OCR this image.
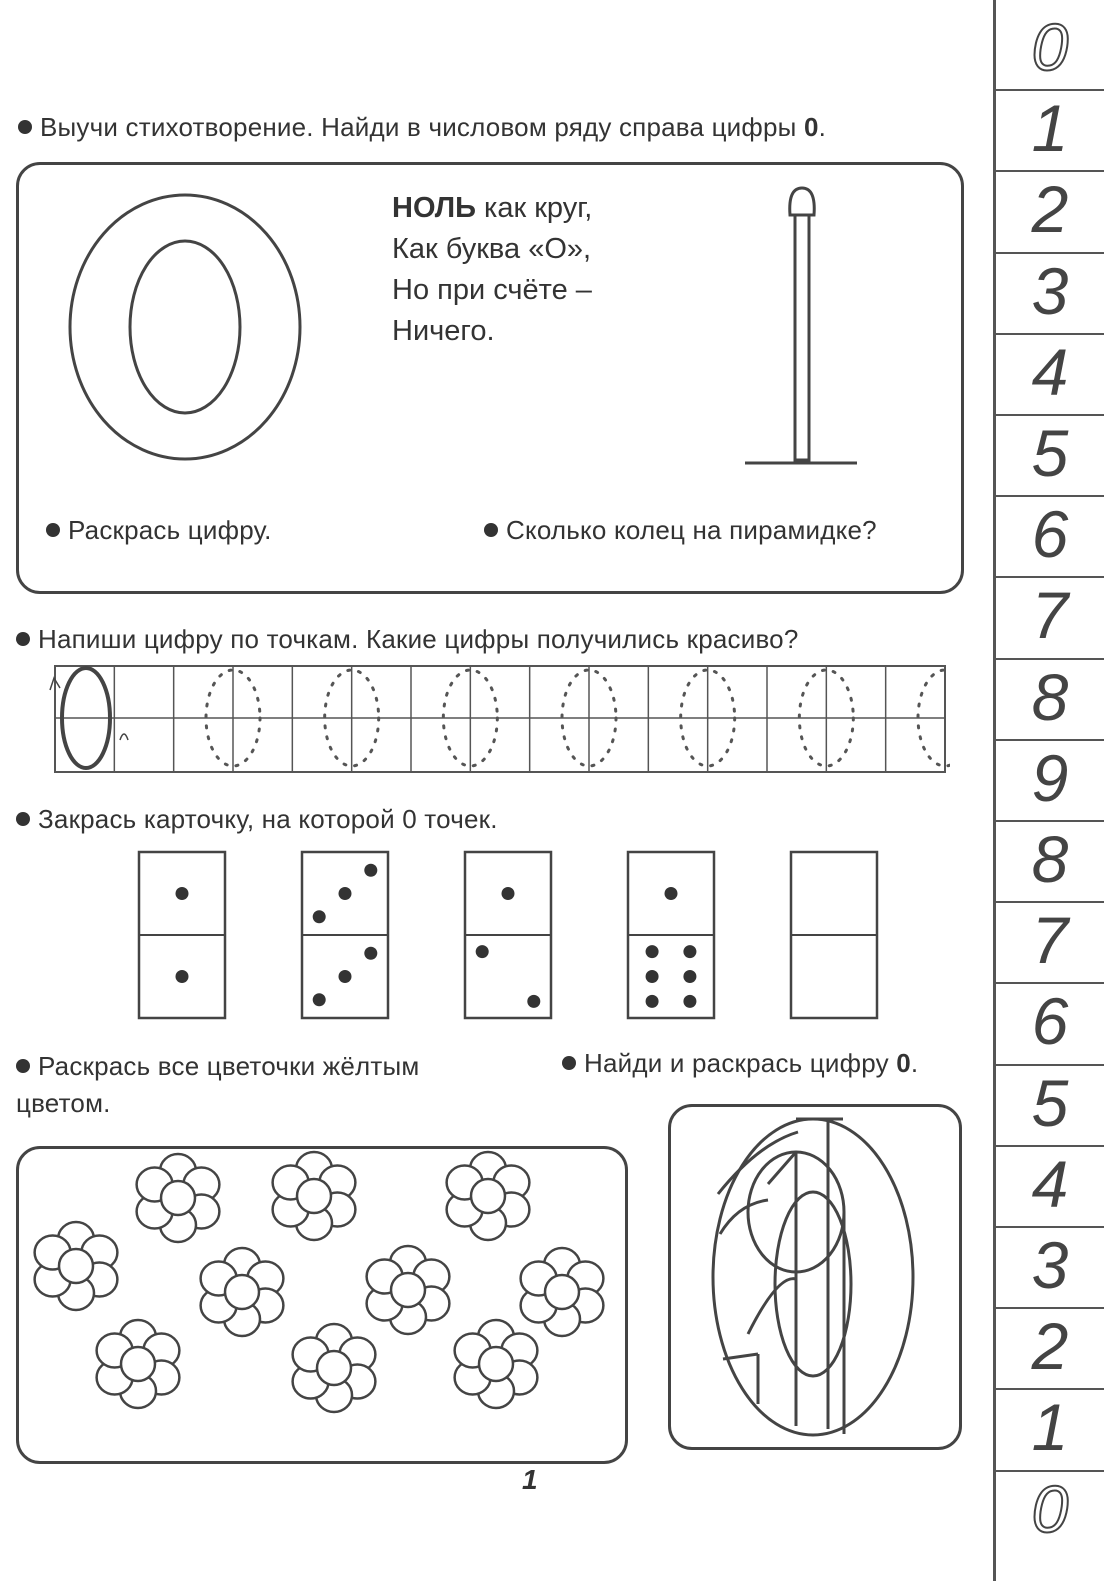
Выучи стихотворение. Найди в числовом ряду справа цифры 0.
НОЛЬ как круг,
Как буква «О»,
Но при счёте –
Ничего.
Раскрась цифру.	Сколько колец на пирамидке?
Напиши цифру по точкам. Какие цифры получились красиво?
Закрась карточку, на которой 0 точек.
Раскрась все цветочки жёлтым
цветом.
Найди и раскрась цифру 0.
1
0
1
2
3
4
5
6
7
8
9
8
7
6
5
4
3
2
1
0
